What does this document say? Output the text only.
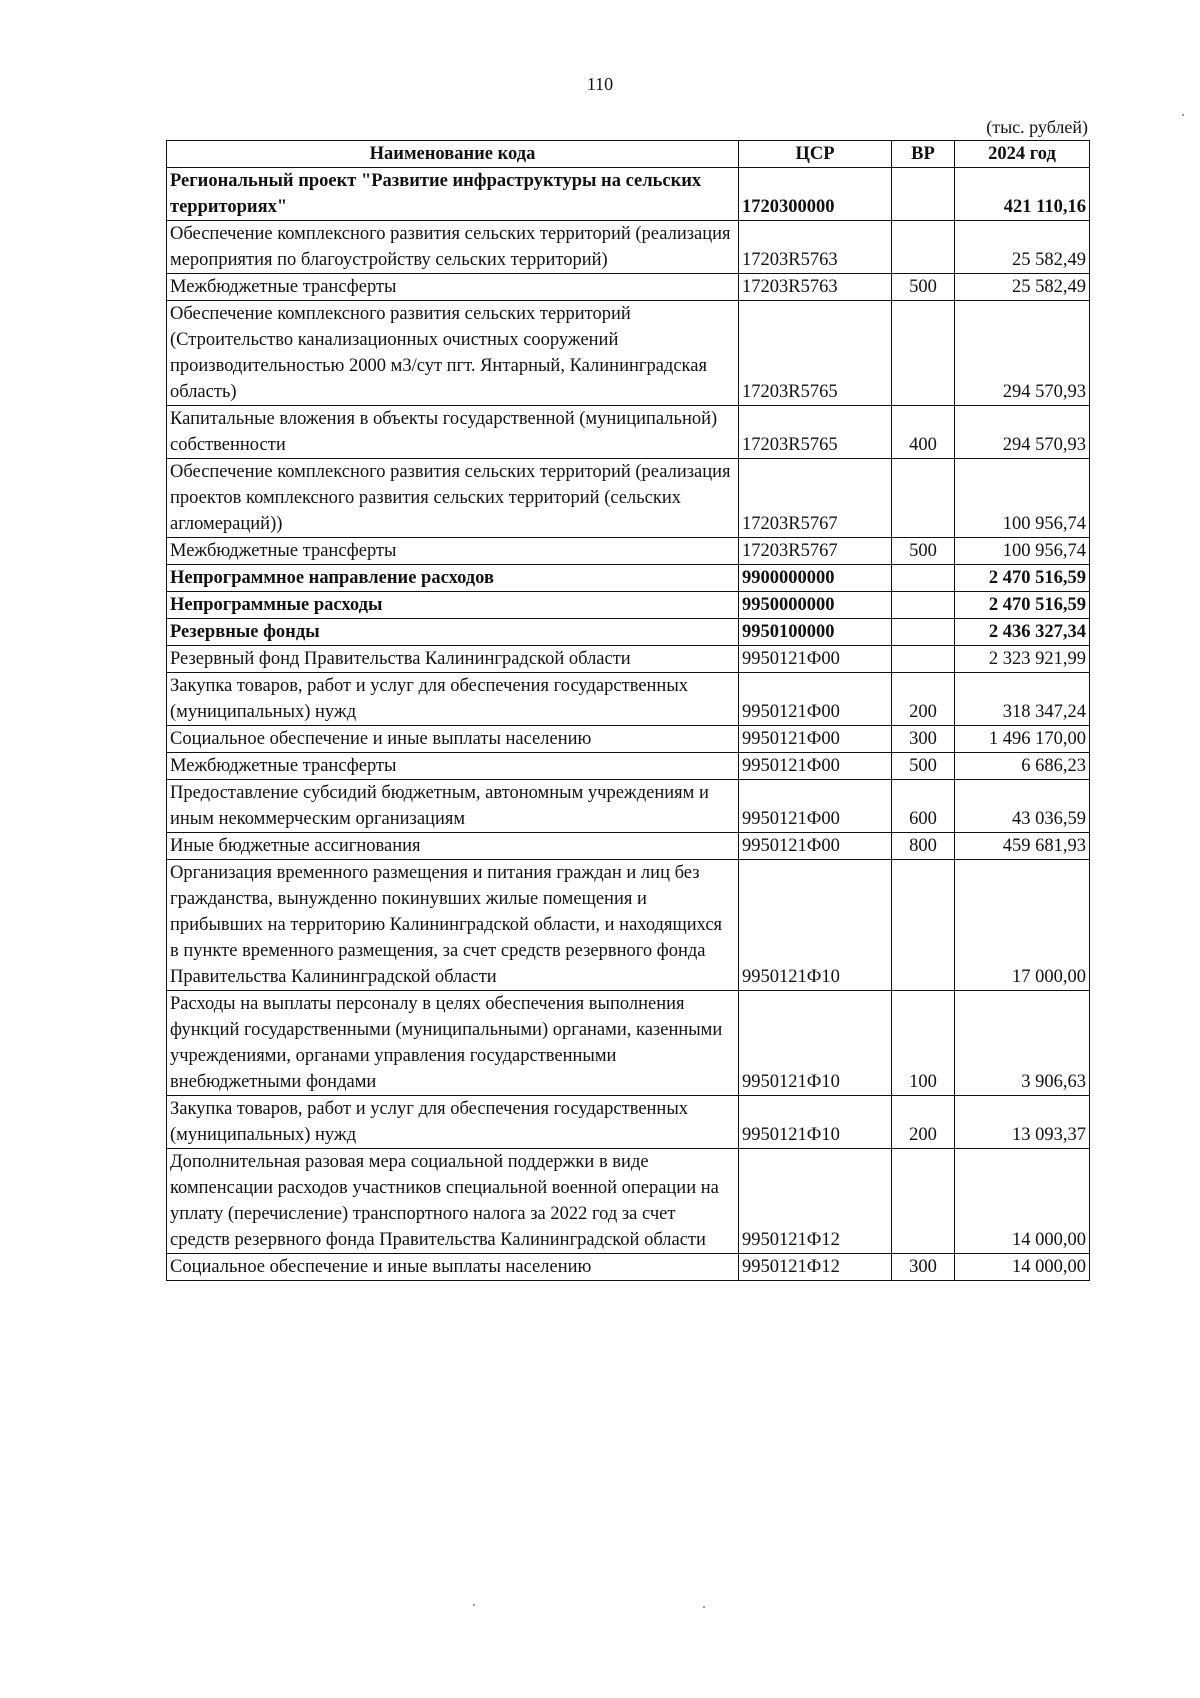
110
(тыс. рублей)
Наименование кода	ЦСР	ВР	2024 год
Региональный проект "Развитие инфраструктуры на сельских территориях"	1720300000		421 110,16
Обеспечение комплексного развития сельских территорий (реализация мероприятия по благоустройству сельских территорий)	17203R5763		25 582,49
Межбюджетные трансферты	17203R5763	500	25 582,49
Обеспечение комплексного развития сельских территорий (Строительство канализационных очистных сооружений производительностью 2000 м3/сут пгт. Янтарный, Калининградская область)	17203R5765		294 570,93
Капитальные вложения в объекты государственной (муниципальной) собственности	17203R5765	400	294 570,93
Обеспечение комплексного развития сельских территорий (реализация проектов комплексного развития сельских территорий (сельских агломераций))	17203R5767		100 956,74
Межбюджетные трансферты	17203R5767	500	100 956,74
Непрограммное направление расходов	9900000000		2 470 516,59
Непрограммные расходы	9950000000		2 470 516,59
Резервные фонды	9950100000		2 436 327,34
Резервный фонд Правительства Калининградской области	9950121Ф00		2 323 921,99
Закупка товаров, работ и услуг для обеспечения государственных (муниципальных) нужд	9950121Ф00	200	318 347,24
Социальное обеспечение и иные выплаты населению	9950121Ф00	300	1 496 170,00
Межбюджетные трансферты	9950121Ф00	500	6 686,23
Предоставление субсидий бюджетным, автономным учреждениям и иным некоммерческим организациям	9950121Ф00	600	43 036,59
Иные бюджетные ассигнования	9950121Ф00	800	459 681,93
Организация временного размещения и питания граждан и лиц без гражданства, вынужденно покинувших жилые помещения и прибывших на территорию Калининградской области, и находящихся в пункте временного размещения, за счет средств резервного фонда Правительства Калининградской области	9950121Ф10		17 000,00
Расходы на выплаты персоналу в целях обеспечения выполнения функций государственными (муниципальными) органами, казенными учреждениями, органами управления государственными внебюджетными фондами	9950121Ф10	100	3 906,63
Закупка товаров, работ и услуг для обеспечения государственных (муниципальных) нужд	9950121Ф10	200	13 093,37
Дополнительная разовая мера социальной поддержки в виде компенсации расходов участников специальной военной операции на уплату (перечисление) транспортного налога за 2022 год за счет средств резервного фонда Правительства Калининградской области	9950121Ф12		14 000,00
Социальное обеспечение и иные выплаты населению	9950121Ф12	300	14 000,00
